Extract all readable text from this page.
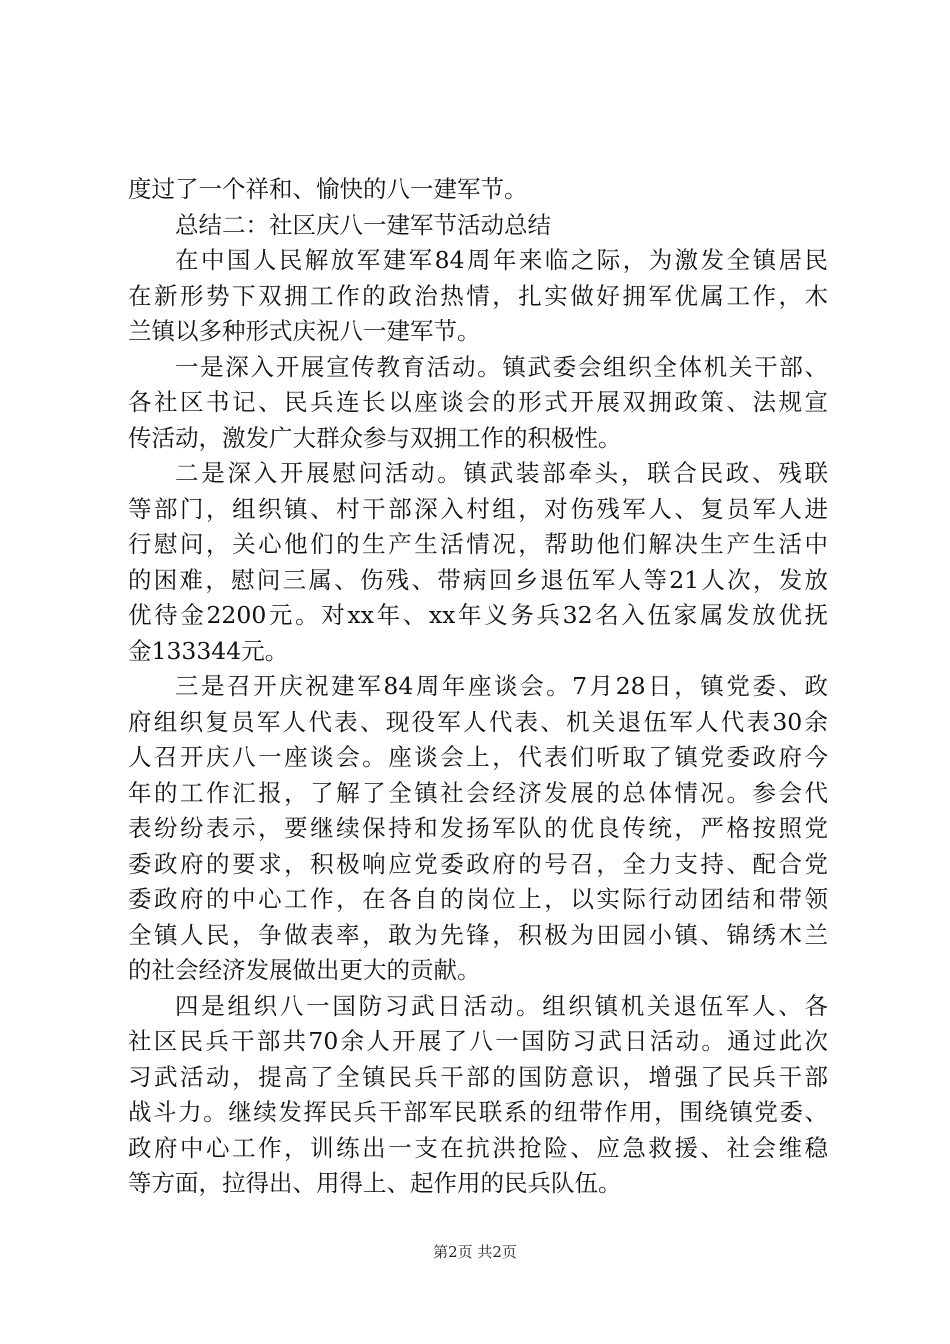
度过了一个祥和、愉快的八一建军节。
总结二：社区庆八一建军节活动总结
在中国人民解放军建军84周年来临之际，为激发全镇居民
在新形势下双拥工作的政治热情，扎实做好拥军优属工作，木
兰镇以多种形式庆祝八一建军节。
一是深入开展宣传教育活动。镇武委会组织全体机关干部、
各社区书记、民兵连长以座谈会的形式开展双拥政策、法规宣
传活动，激发广大群众参与双拥工作的积极性。
二是深入开展慰问活动。镇武装部牵头，联合民政、残联
等部门，组织镇、村干部深入村组，对伤残军人、复员军人进
行慰问，关心他们的生产生活情况，帮助他们解决生产生活中
的困难，慰问三属、伤残、带病回乡退伍军人等21人次，发放
优待金2200元。对xx年、xx年义务兵32名入伍家属发放优抚
金133344元。
三是召开庆祝建军84周年座谈会。7月28日，镇党委、政
府组织复员军人代表、现役军人代表、机关退伍军人代表30余
人召开庆八一座谈会。座谈会上，代表们听取了镇党委政府今
年的工作汇报，了解了全镇社会经济发展的总体情况。参会代
表纷纷表示，要继续保持和发扬军队的优良传统，严格按照党
委政府的要求，积极响应党委政府的号召，全力支持、配合党
委政府的中心工作，在各自的岗位上，以实际行动团结和带领
全镇人民，争做表率，敢为先锋，积极为田园小镇、锦绣木兰
的社会经济发展做出更大的贡献。
四是组织八一国防习武日活动。组织镇机关退伍军人、各
社区民兵干部共70余人开展了八一国防习武日活动。通过此次
习武活动，提高了全镇民兵干部的国防意识，增强了民兵干部
战斗力。继续发挥民兵干部军民联系的纽带作用，围绕镇党委、
政府中心工作，训练出一支在抗洪抢险、应急救援、社会维稳
等方面，拉得出、用得上、起作用的民兵队伍。
第2页 共2页
